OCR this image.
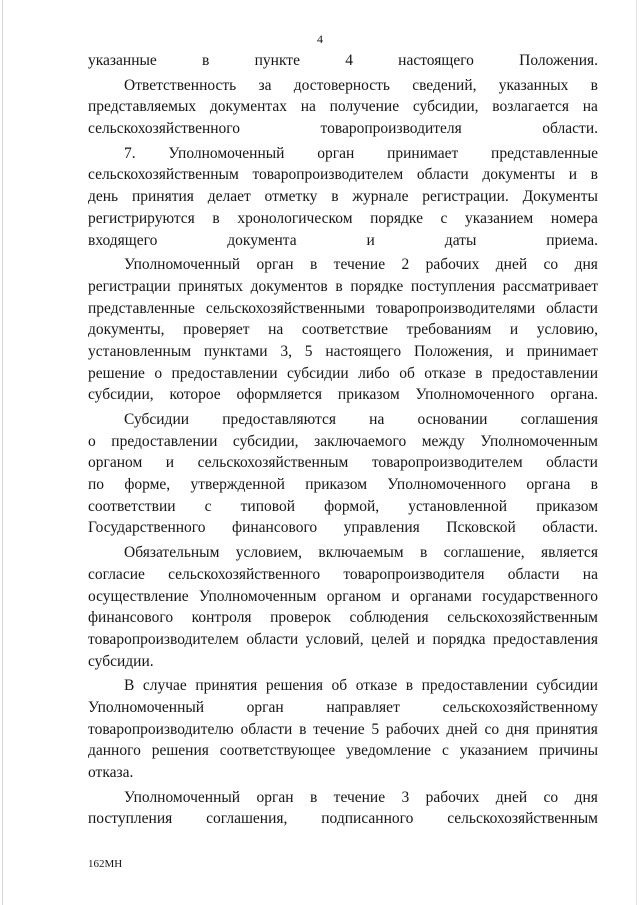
4
указанные в пункте 4 настоящего Положения.
Ответственность за достоверность сведений, указанных в
представляемых документах на получение субсидии, возлагается на
сельскохозяйственного товаропроизводителя области.
7. Уполномоченный орган принимает представленные
сельскохозяйственным товаропроизводителем области документы и в
день принятия делает отметку в журнале регистрации. Документы
регистрируются в хронологическом порядке с указанием номера
входящего документа и даты приема.
Уполномоченный орган в течение 2 рабочих дней со дня
регистрации принятых документов в порядке поступления рассматривает
представленные сельскохозяйственными товаропроизводителями области
документы, проверяет на соответствие требованиям и условию,
установленным пунктами 3, 5 настоящего Положения, и принимает
решение о предоставлении субсидии либо об отказе в предоставлении
субсидии, которое оформляется приказом Уполномоченного органа.
Субсидии предоставляются на основании соглашения
о предоставлении субсидии, заключаемого между Уполномоченным
органом и сельскохозяйственным товаропроизводителем области
по форме, утвержденной приказом Уполномоченного органа в
соответствии с типовой формой, установленной приказом
Государственного финансового управления Псковской области.
Обязательным условием, включаемым в соглашение, является
согласие сельскохозяйственного товаропроизводителя области на
осуществление Уполномоченным органом и органами государственного
финансового контроля проверок соблюдения сельскохозяйственным
товаропроизводителем области условий, целей и порядка предоставления
субсидии.
В случае принятия решения об отказе в предоставлении субсидии
Уполномоченный	орган	направляет	сельскохозяйственному
товаропроизводителю области в течение 5 рабочих дней со дня принятия
данного решения соответствующее уведомление с указанием причины
отказа.
Уполномоченный орган в течение 3 рабочих дней со дня
поступления соглашения, подписанного сельскохозяйственным
162МН
